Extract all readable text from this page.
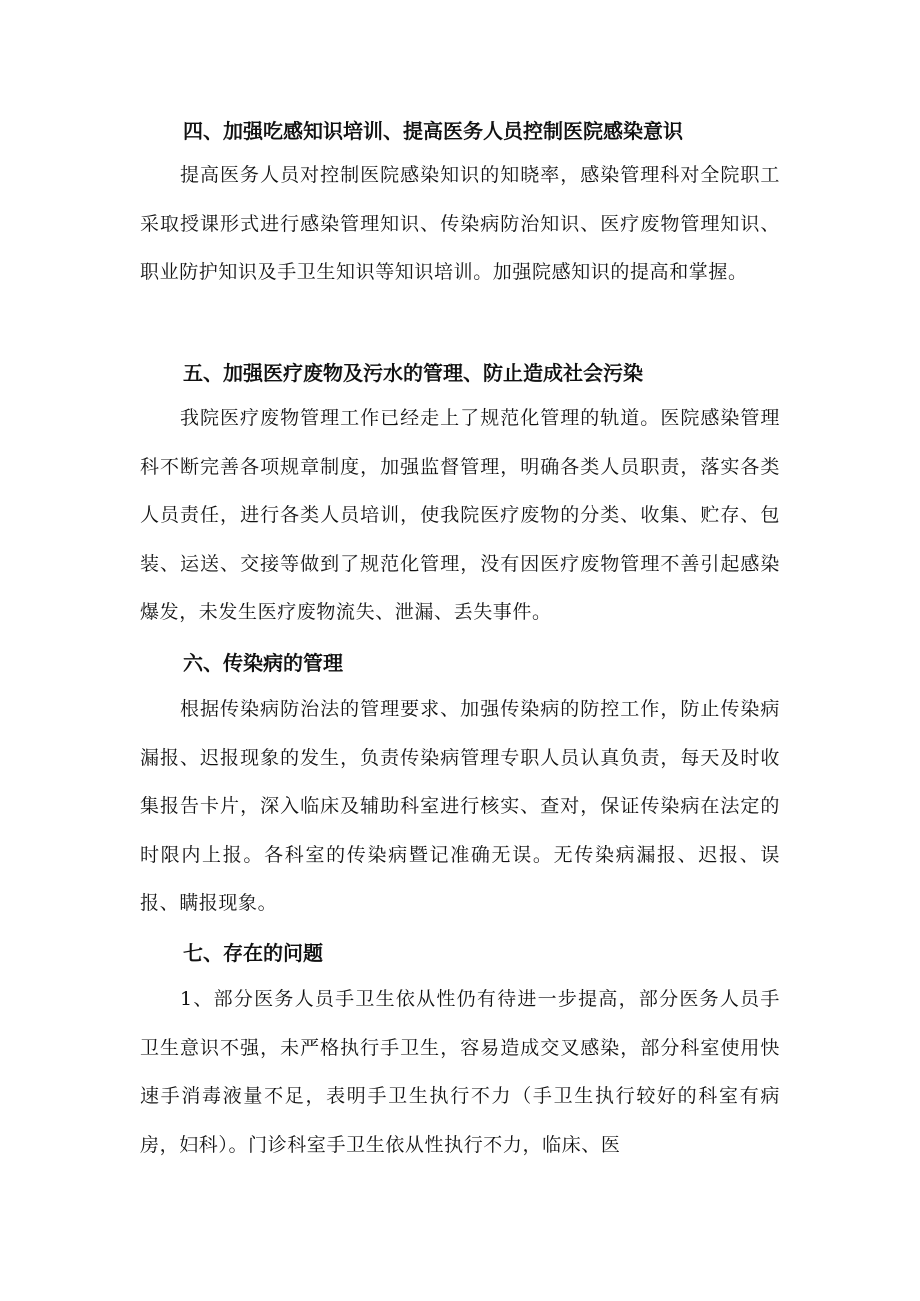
四、加强吃感知识培训、提高医务人员控制医院感染意识

提高医务人员对控制医院感染知识的知晓率，感染管理科对全院职工采取授课形式进行感染管理知识、传染病防治知识、医疗废物管理知识、职业防护知识及手卫生知识等知识培训。加强院感知识的提高和掌握。

五、加强医疗废物及污水的管理、防止造成社会污染

我院医疗废物管理工作已经走上了规范化管理的轨道。医院感染管理科不断完善各项规章制度，加强监督管理，明确各类人员职责，落实各类人员责任，进行各类人员培训，使我院医疗废物的分类、收集、贮存、包装、运送、交接等做到了规范化管理，没有因医疗废物管理不善引起感染爆发，未发生医疗废物流失、泄漏、丢失事件。

六、传染病的管理

根据传染病防治法的管理要求、加强传染病的防控工作，防止传染病漏报、迟报现象的发生，负责传染病管理专职人员认真负责，每天及时收集报告卡片，深入临床及辅助科室进行核实、查对，保证传染病在法定的时限内上报。各科室的传染病暨记准确无误。无传染病漏报、迟报、误报、瞒报现象。

七、存在的问题

1、部分医务人员手卫生依从性仍有待进一步提高，部分医务人员手卫生意识不强，未严格执行手卫生，容易造成交叉感染，部分科室使用快速手消毒液量不足，表明手卫生执行不力（手卫生执行较好的科室有病房，妇科）。门诊科室手卫生依从性执行不力，临床、医
